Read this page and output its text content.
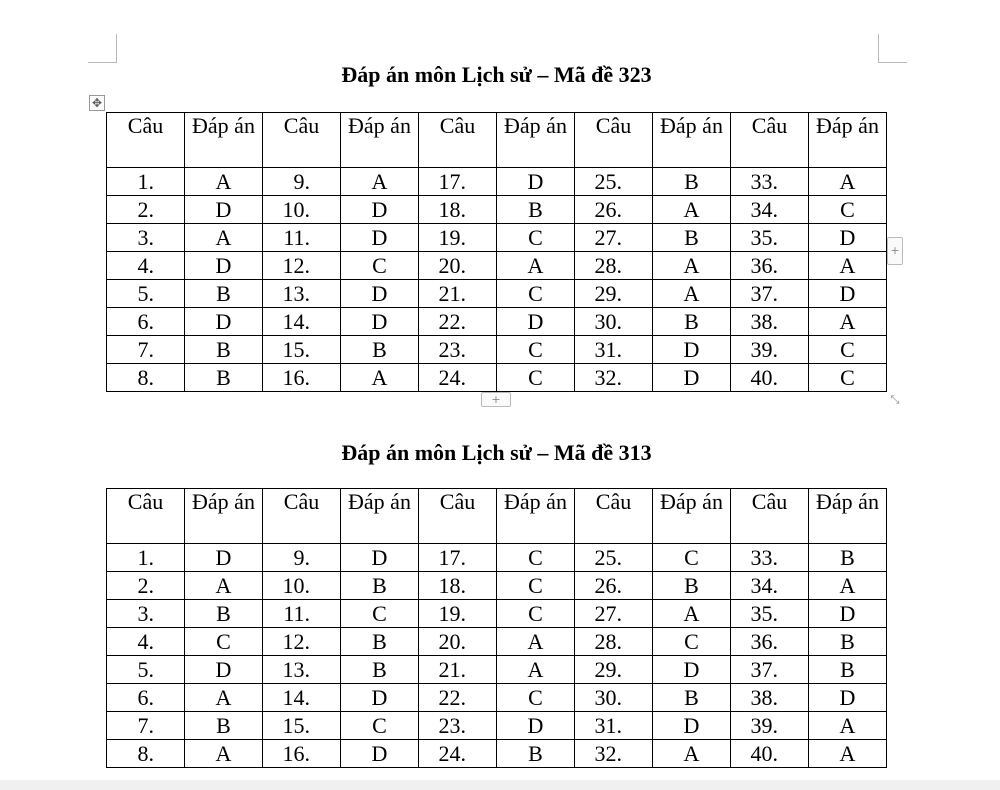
Đáp án môn Lịch sử – Mã đề 323
✥
Câu	Đáp án	Câu	Đáp án	Câu	Đáp án	Câu	Đáp án	Câu	Đáp án
1.	A	9.	A	17.	D	25.	B	33.	A
2.	D	10.	D	18.	B	26.	A	34.	C
3.	A	11.	D	19.	C	27.	B	35.	D
4.	D	12.	C	20.	A	28.	A	36.	A
5.	B	13.	D	21.	C	29.	A	37.	D
6.	D	14.	D	22.	D	30.	B	38.	A
7.	B	15.	B	23.	C	31.	D	39.	C
8.	B	16.	A	24.	C	32.	D	40.	C
+
+	⤡
Đáp án môn Lịch sử – Mã đề 313
Câu	Đáp án	Câu	Đáp án	Câu	Đáp án	Câu	Đáp án	Câu	Đáp án
1.	D	9.	D	17.	C	25.	C	33.	B
2.	A	10.	B	18.	C	26.	B	34.	A
3.	B	11.	C	19.	C	27.	A	35.	D
4.	C	12.	B	20.	A	28.	C	36.	B
5.	D	13.	B	21.	A	29.	D	37.	B
6.	A	14.	D	22.	C	30.	B	38.	D
7.	B	15.	C	23.	D	31.	D	39.	A
8.	A	16.	D	24.	B	32.	A	40.	A
